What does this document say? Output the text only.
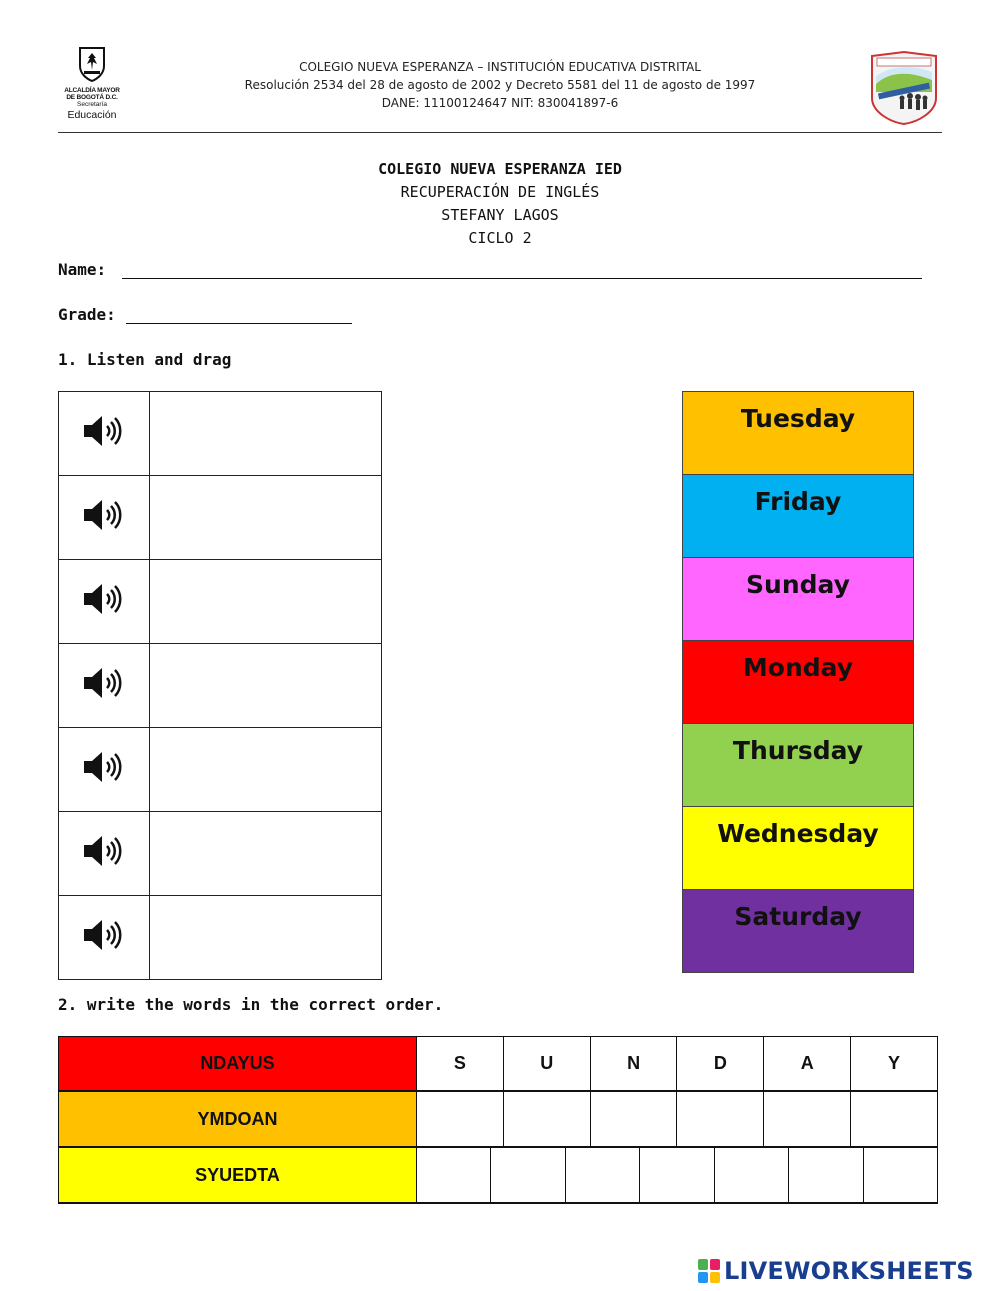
ALCALDÍA MAYOR
DE BOGOTÁ D.C.
Secretaría
Educación
COLEGIO NUEVA ESPERANZA – INSTITUCIÓN EDUCATIVA DISTRITAL
Resolución 2534 del 28 de agosto de 2002 y Decreto 5581 del 11 de agosto de 1997
DANE: 11100124647 NIT: 830041897-6
COLEGIO NUEVA ESPERANZA IED
RECUPERACIÓN DE INGLÉS
STEFANY LAGOS
CICLO 2
Name:
Grade:
1. Listen and drag

Tuesday
Friday
Sunday
Monday
Thursday
Wednesday
Saturday
2. write the words in the correct order.
NDAYUS	S	U	N	D	A	Y
YMDOAN
SYUEDTA
LIVEWORKSHEETS
